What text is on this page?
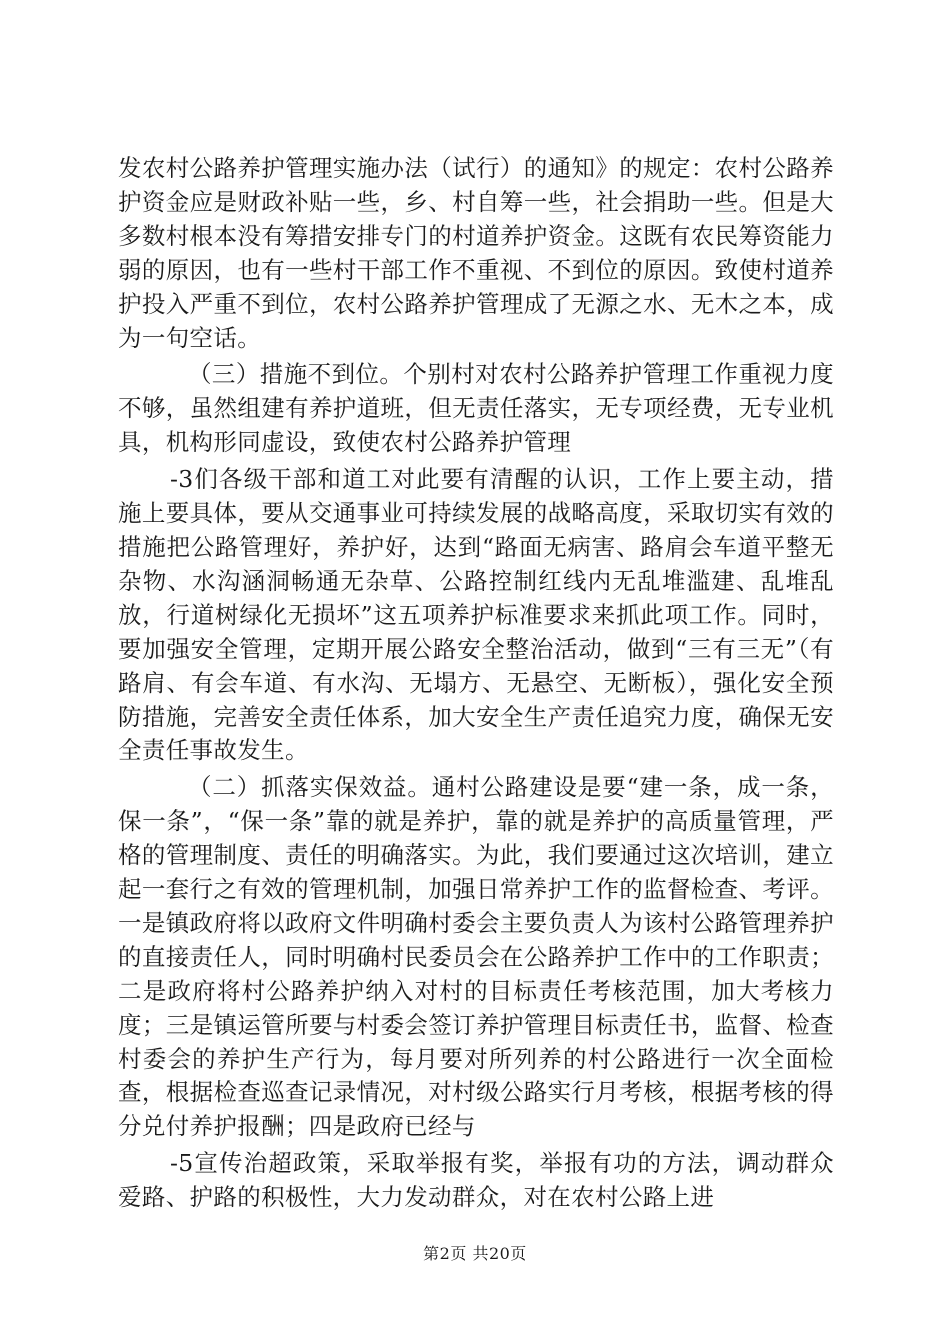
发农村公路养护管理实施办法（试行）的通知》的规定：农村公路养护资金应是财政补贴一些，乡、村自筹一些，社会捐助一些。但是大多数村根本没有筹措安排专门的村道养护资金。这既有农民筹资能力弱的原因，也有一些村干部工作不重视、不到位的原因。致使村道养护投入严重不到位，农村公路养护管理成了无源之水、无木之本，成为一句空话。

（三）措施不到位。个别村对农村公路养护管理工作重视力度不够，虽然组建有养护道班，但无责任落实，无专项经费，无专业机具，机构形同虚设，致使农村公路养护管理

-3们各级干部和道工对此要有清醒的认识，工作上要主动，措施上要具体，要从交通事业可持续发展的战略高度，采取切实有效的措施把公路管理好，养护好，达到“路面无病害、路肩会车道平整无杂物、水沟涵洞畅通无杂草、公路控制红线内无乱堆滥建、乱堆乱放，行道树绿化无损坏”这五项养护标准要求来抓此项工作。同时，要加强安全管理，定期开展公路安全整治活动，做到“三有三无”（有路肩、有会车道、有水沟、无塌方、无悬空、无断板），强化安全预防措施，完善安全责任体系，加大安全生产责任追究力度，确保无安全责任事故发生。

（二）抓落实保效益。通村公路建设是要“建一条，成一条，保一条”，“保一条”靠的就是养护，靠的就是养护的高质量管理，严格的管理制度、责任的明确落实。为此，我们要通过这次培训，建立起一套行之有效的管理机制，加强日常养护工作的监督检查、考评。一是镇政府将以政府文件明确村委会主要负责人为该村公路管理养护的直接责任人，同时明确村民委员会在公路养护工作中的工作职责；二是政府将村公路养护纳入对村的目标责任考核范围，加大考核力度；三是镇运管所要与村委会签订养护管理目标责任书，监督、检查村委会的养护生产行为，每月要对所列养的村公路进行一次全面检查，根据检查巡查记录情况，对村级公路实行月考核，根据考核的得分兑付养护报酬；四是政府已经与

-5宣传治超政策，采取举报有奖，举报有功的方法，调动群众爱路、护路的积极性，大力发动群众，对在农村公路上进

第2页 共20页
